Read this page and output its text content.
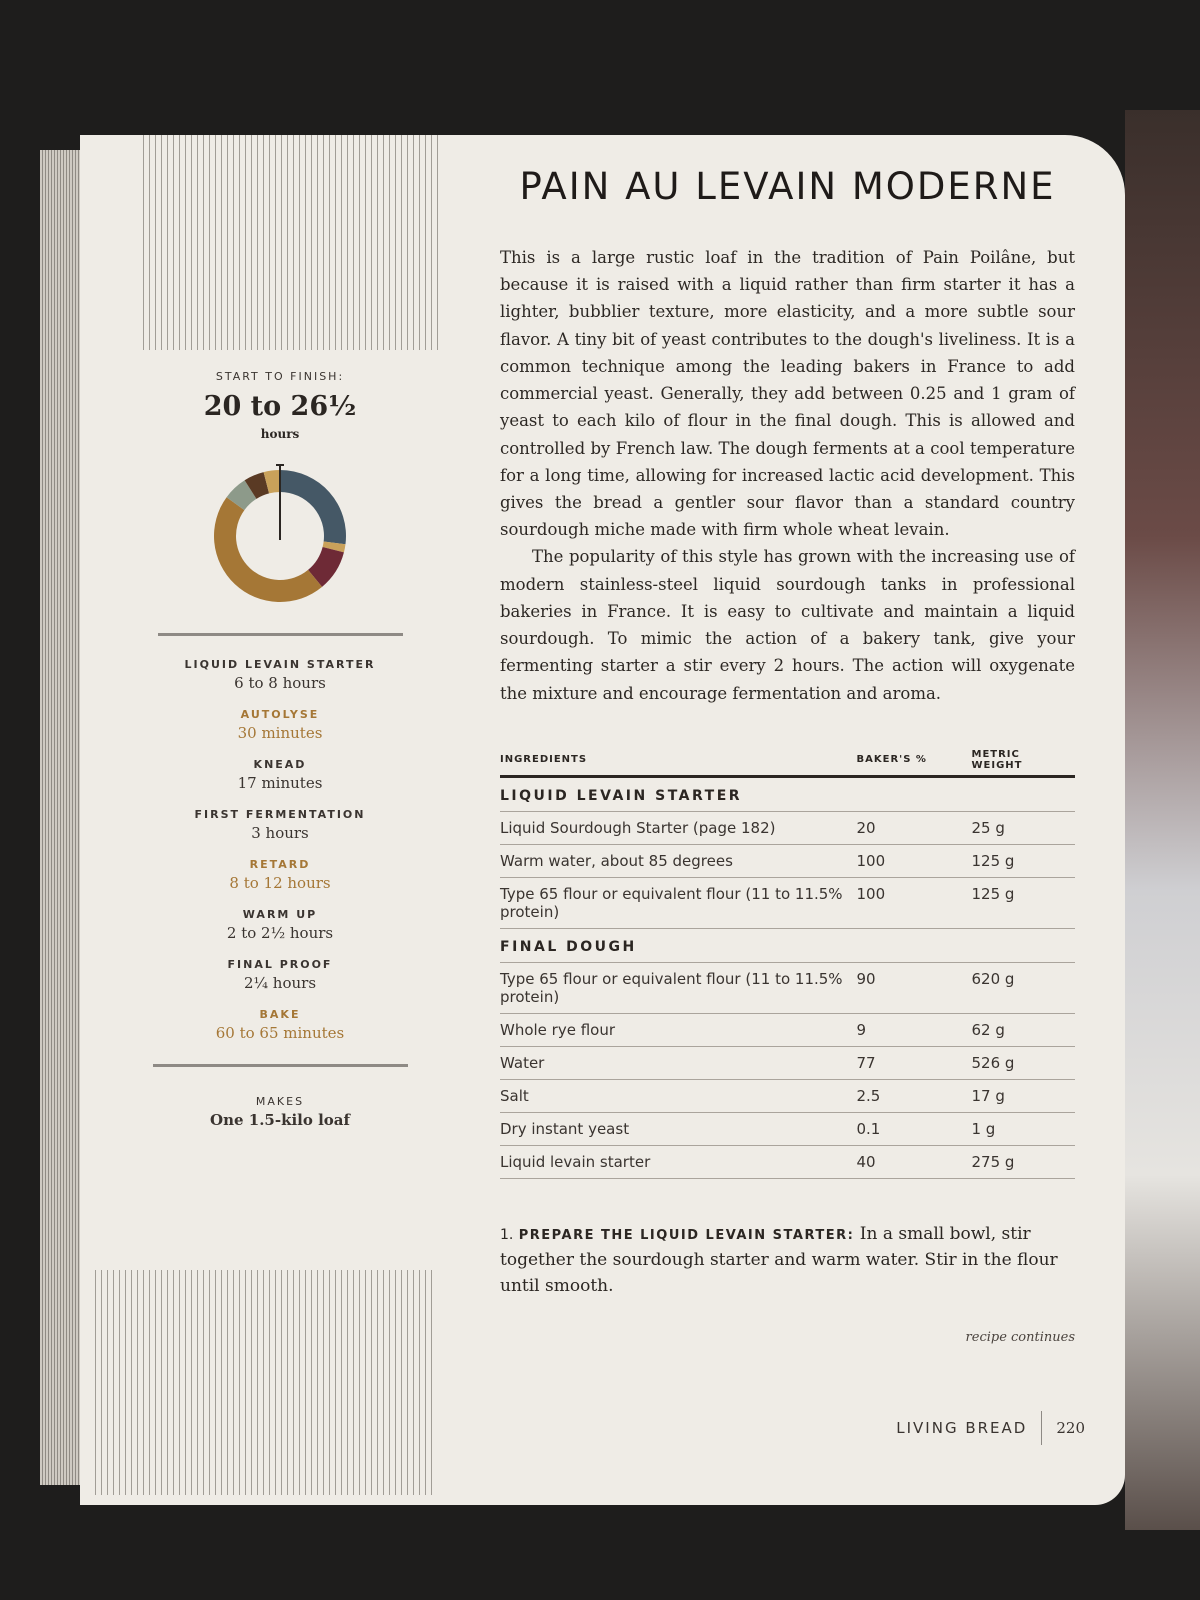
START TO FINISH:
20 to 26½
hours
LIQUID LEVAIN STARTER
6 to 8 hours
AUTOLYSE
30 minutes
KNEAD
17 minutes
FIRST FERMENTATION
3 hours
RETARD
8 to 12 hours
WARM UP
2 to 2½ hours
FINAL PROOF
2¼ hours
BAKE
60 to 65 minutes
MAKES
One 1.5-kilo loaf
PAIN AU LEVAIN MODERNE

This is a large rustic loaf in the tradition of Pain Poilâne, but because it is raised with a liquid rather than firm starter it has a lighter, bubblier texture, more elasticity, and a more subtle sour flavor. A tiny bit of yeast contributes to the dough's liveliness. It is a common technique among the leading bakers in France to add commercial yeast. Generally, they add between 0.25 and 1 gram of yeast to each kilo of flour in the final dough. This is allowed and controlled by French law. The dough ferments at a cool temperature for a long time, allowing for increased lactic acid development. This gives the bread a gentler sour flavor than a standard country sourdough miche made with firm whole wheat levain.

The popularity of this style has grown with the increasing use of modern stainless-steel liquid sourdough tanks in professional bakeries in France. It is easy to cultivate and maintain a liquid sourdough. To mimic the action of a bakery tank, give your fermenting starter a stir every 2 hours. The action will oxygenate the mixture and encourage fermentation and aroma.

INGREDIENTS	BAKER'S %	METRIC WEIGHT
LIQUID LEVAIN STARTER		
Liquid Sourdough Starter (page 182)	20	25 g
Warm water, about 85 degrees	100	125 g
Type 65 flour or equivalent flour (11 to 11.5% protein)	100	125 g
FINAL DOUGH		
Type 65 flour or equivalent flour (11 to 11.5% protein)	90	620 g
Whole rye flour	9	62 g
Water	77	526 g
Salt	2.5	17 g
Dry instant yeast	0.1	1 g
Liquid levain starter	40	275 g

1. PREPARE THE LIQUID LEVAIN STARTER: In a small bowl, stir together the sourdough starter and warm water. Stir in the flour until smooth.

recipe continues

LIVING BREAD 220
